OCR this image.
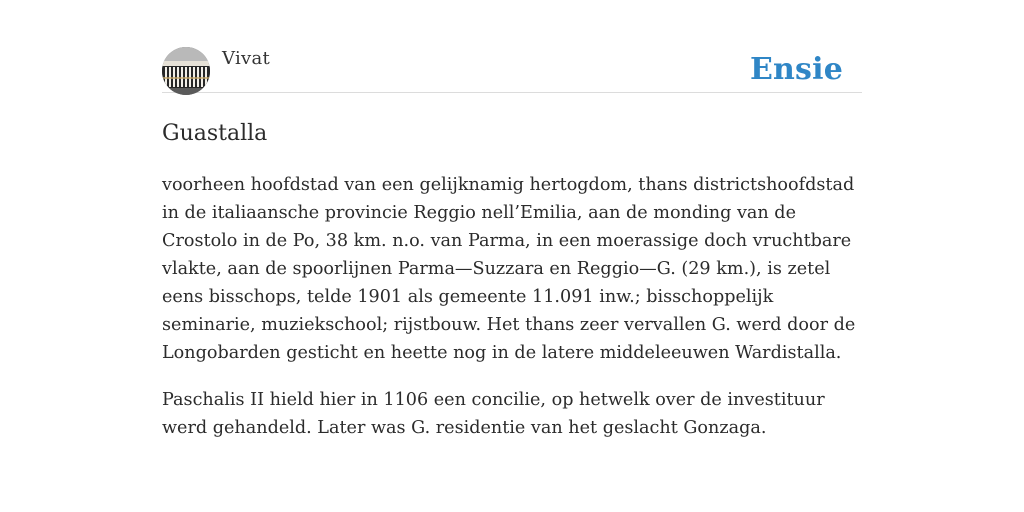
Vivat	Ensie
Guastalla

voorheen hoofdstad van een gelijknamig hertogdom, thans districtshoofdstad in de italiaansche provincie Reggio nell’Emilia, aan de monding van de Crostolo in de Po, 38 km. n.o. van Parma, in een moerassige doch vruchtbare vlakte, aan de spoorlijnen Parma—Suzzara en Reggio—G. (29 km.), is zetel eens bisschops, telde 1901 als gemeente 11.091 inw.; bisschoppelijk seminarie, muziekschool; rijstbouw. Het thans zeer vervallen G. werd door de Longobarden gesticht en heette nog in de latere middeleeuwen Wardistalla.

Paschalis II hield hier in 1106 een concilie, op hetwelk over de investituur werd gehandeld. Later was G. residentie van het geslacht Gonzaga.
